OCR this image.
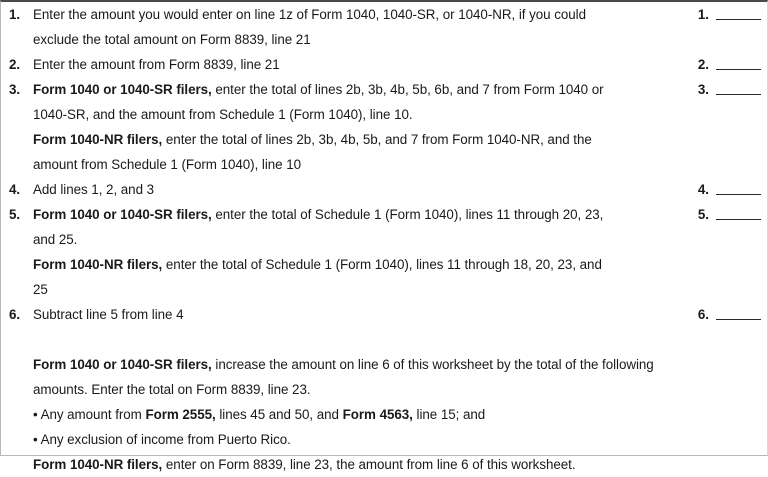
1. Enter the amount you would enter on line 1z of Form 1040, 1040-SR, or 1040-NR, if you could	1.
exclude the total amount on Form 8839, line 21
2. Enter the amount from Form 8839, line 21	2.
3. Form 1040 or 1040-SR filers, enter the total of lines 2b, 3b, 4b, 5b, 6b, and 7 from Form 1040 or	3.
1040-SR, and the amount from Schedule 1 (Form 1040), line 10.
Form 1040-NR filers, enter the total of lines 2b, 3b, 4b, 5b, and 7 from Form 1040-NR, and the
amount from Schedule 1 (Form 1040), line 10
4. Add lines 1, 2, and 3	4.
5. Form 1040 or 1040-SR filers, enter the total of Schedule 1 (Form 1040), lines 11 through 20, 23,	5.
and 25.
Form 1040-NR filers, enter the total of Schedule 1 (Form 1040), lines 11 through 18, 20, 23, and
25
6. Subtract line 5 from line 4	6.
Form 1040 or 1040-SR filers, increase the amount on line 6 of this worksheet by the total of the following
amounts. Enter the total on Form 8839, line 23.
• Any amount from Form 2555, lines 45 and 50, and Form 4563, line 15; and
• Any exclusion of income from Puerto Rico.
Form 1040-NR filers, enter on Form 8839, line 23, the amount from line 6 of this worksheet.
